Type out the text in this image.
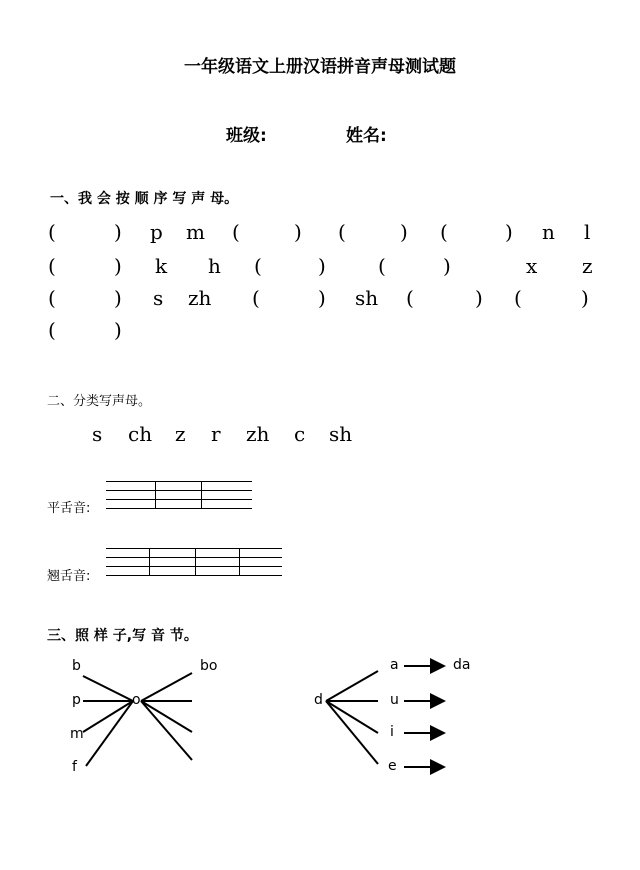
一年级语文上册汉语拼音声母测试题
班级:	姓名:
一、我 会 按 顺 序 写 声 母。
(	) p m (	) (	) (	) n l
(	) k h (	)	(	)	x z
(	) s zh (	) sh (	) (	)
(	)
二、分类写声母。
s ch z r zh c sh
平舌音:
翘舌音:
三、照 样 子,写 音 节。
b
p
m
f
o
bo
d
a
u
i
e
da
